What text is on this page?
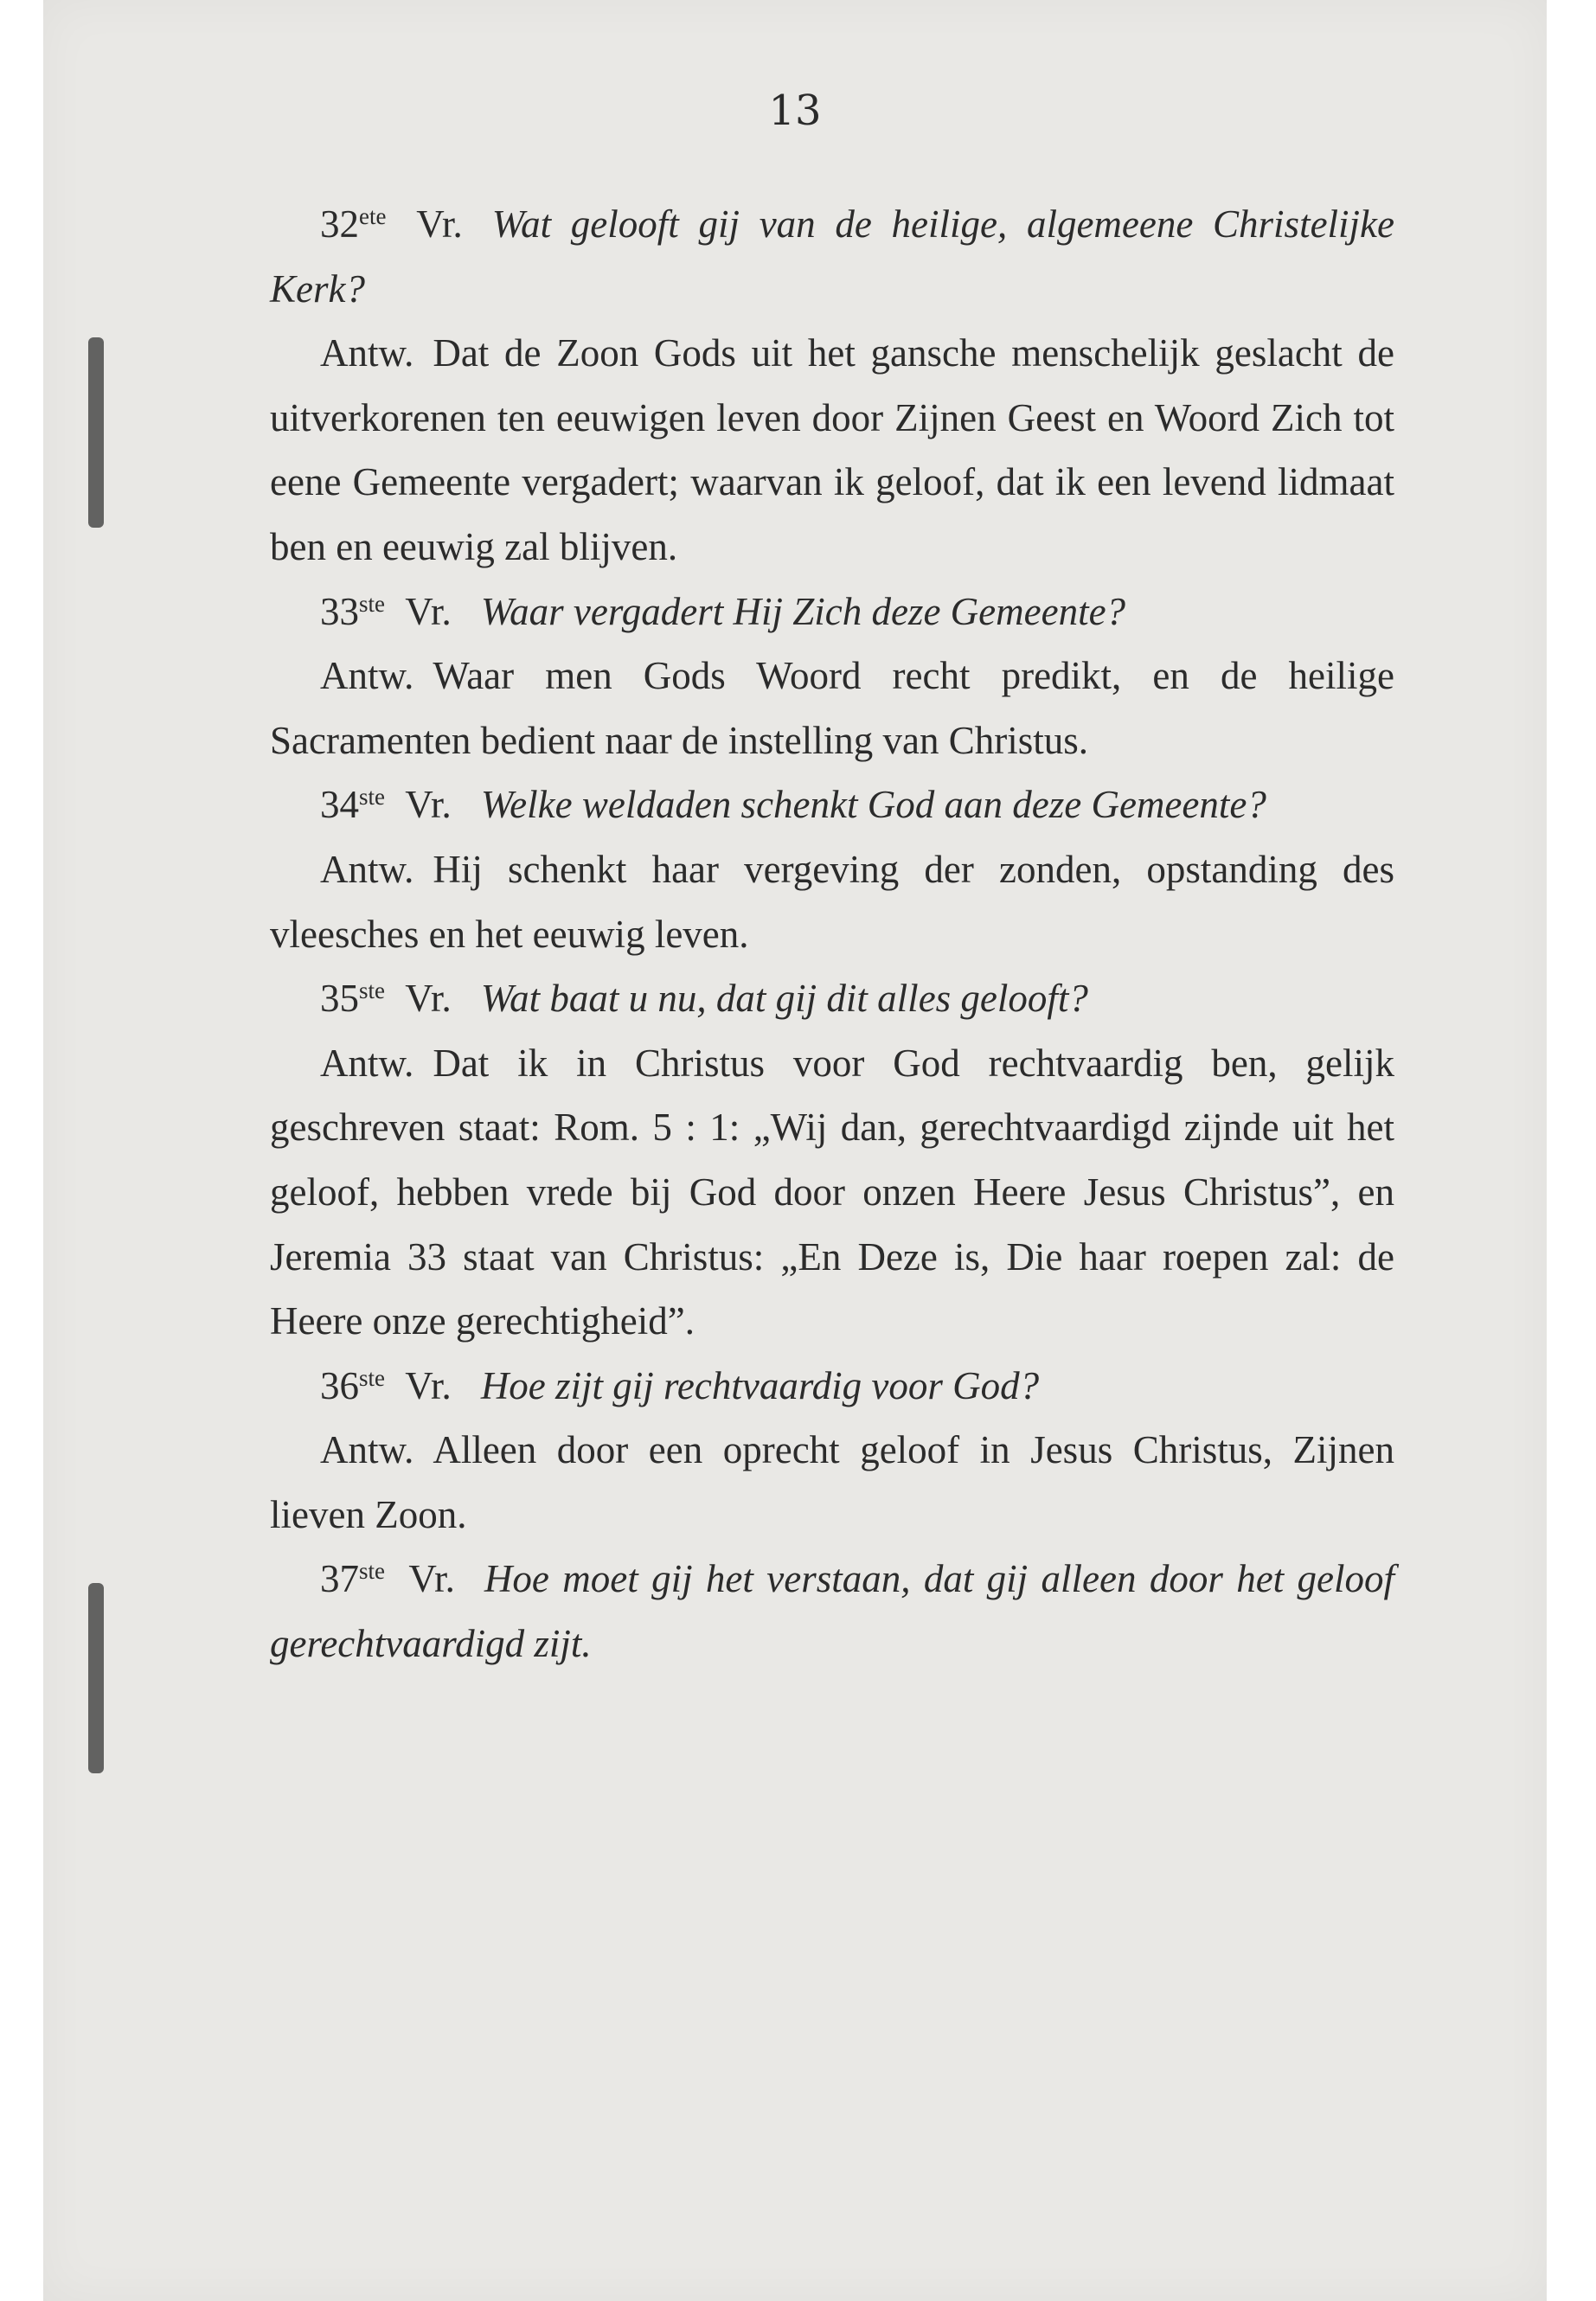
13

$32^{ete}$ Vr. Wat gelooft gij van de heilige, algemeene Christelijke Kerk?

Antw. Dat de Zoon Gods uit het gansche menschelijk geslacht de uitverkorenen ten eeuwigen leven door Zijnen Geest en Woord Zich tot eene Gemeente vergadert; waarvan ik geloof, dat ik een levend lidmaat ben en eeuwig zal blijven.

33ste Vr. Waar vergadert Hij Zich deze Gemeente?

Antw. Waar men Gods Woord recht predikt, en de heilige Sacramenten bedient naar de instelling van Christus.

34ste Vr. Welke weldaden schenkt God aan deze Gemeente?

Antw. Hij schenkt haar vergeving der zonden, opstanding des vleesches en het eeuwig leven.

35ste Vr. Wat baat u nu, dat gij dit alles gelooft?

Antw. Dat ik in Christus voor God rechtvaardig ben, gelijk geschreven staat: Rom. 5 : 1: „Wij dan, gerechtvaardigd zijnde uit het geloof, hebben vrede bij God door onzen Heere Jesus Christus”, en Jeremia 33 staat van Christus: „En Deze is, Die haar roepen zal: de Heere onze gerechtigheid”.

36ste Vr. Hoe zijt gij rechtvaardig voor God?

Antw. Alleen door een oprecht geloof in Jesus Christus, Zijnen lieven Zoon.

37ste Vr. Hoe moet gij het verstaan, dat gij alleen door het geloof gerechtvaardigd zijt.
